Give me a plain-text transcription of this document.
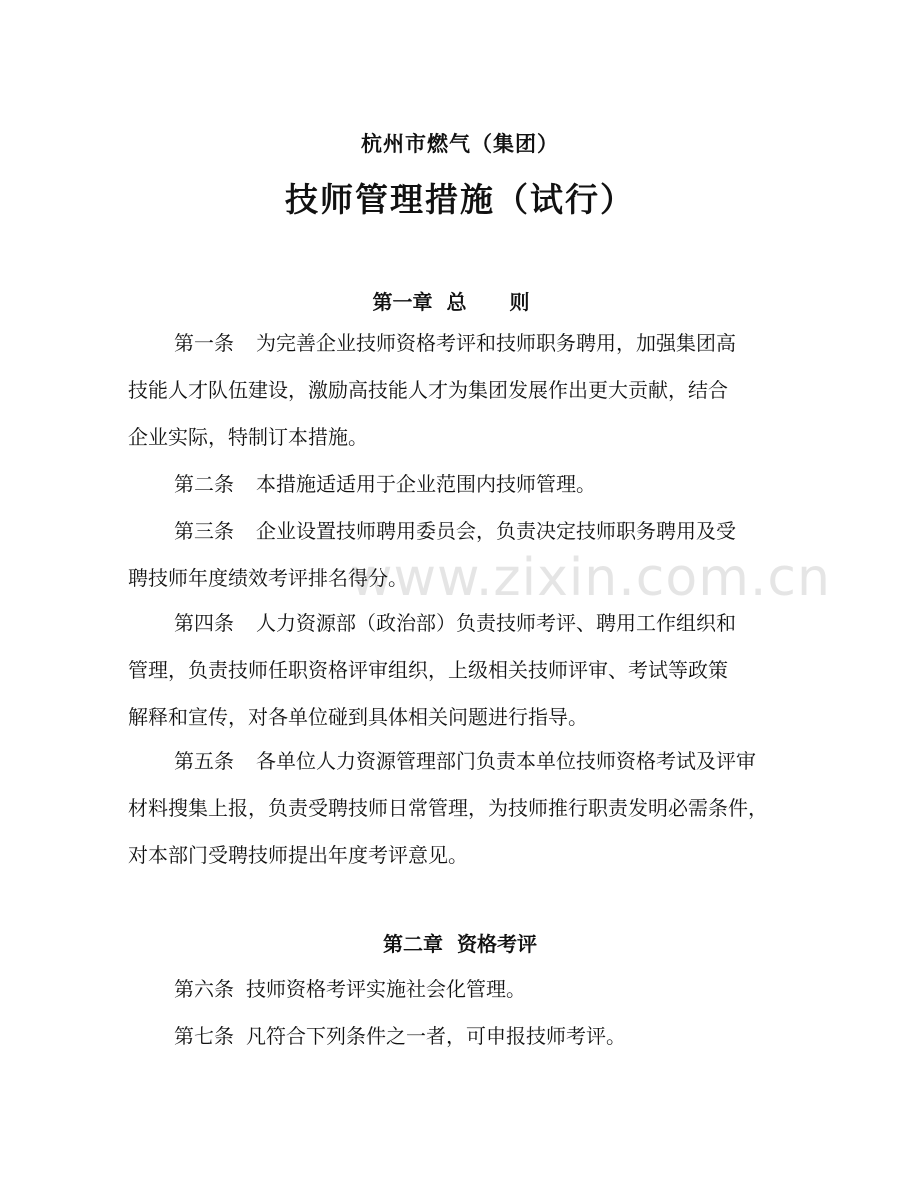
www.zixin.com.cn
杭州市燃气（集团）
技师管理措施（试行）
第一章 总 则
第一条 为完善企业技师资格考评和技师职务聘用，加强集团高
技能人才队伍建设，激励高技能人才为集团发展作出更大贡献，结合
企业实际，特制订本措施。
第二条 本措施适适用于企业范围内技师管理。
第三条 企业设置技师聘用委员会，负责决定技师职务聘用及受
聘技师年度绩效考评排名得分。
第四条 人力资源部（政治部）负责技师考评、聘用工作组织和
管理，负责技师任职资格评审组织，上级相关技师评审、考试等政策
解释和宣传，对各单位碰到具体相关问题进行指导。
第五条 各单位人力资源管理部门负责本单位技师资格考试及评审
材料搜集上报，负责受聘技师日常管理，为技师推行职责发明必需条件，
对本部门受聘技师提出年度考评意见。
第二章 资格考评
第六条 技师资格考评实施社会化管理。
第七条 凡符合下列条件之一者，可申报技师考评。
